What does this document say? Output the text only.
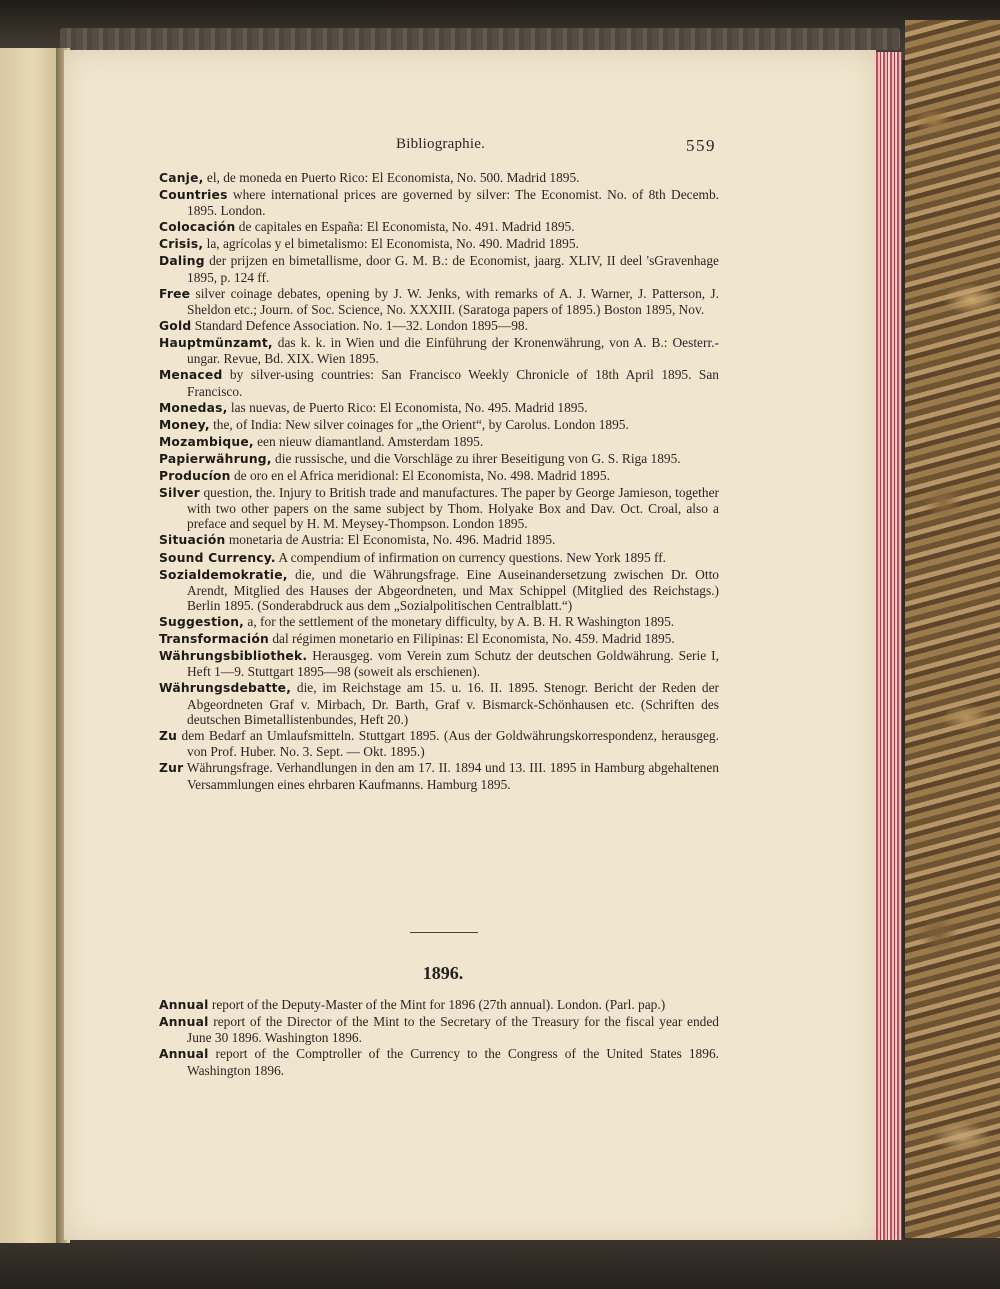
Bibliographie.	559

Canje, el, de moneda en Puerto Rico: El Economista, No. 500. Madrid 1895.

Countries where international prices are governed by silver: The Economist. No. of 8th Decemb. 1895. London.

Colocación de capitales en España: El Economista, No. 491. Madrid 1895.

Crisis, la, agrícolas y el bimetalismo: El Economista, No. 490. Madrid 1895.

Daling der prijzen en bimetallisme, door G. M. B.: de Economist, jaarg. XLIV, II deel 'sGravenhage 1895, p. 124 ff.

Free silver coinage debates, opening by J. W. Jenks, with remarks of A. J. Warner, J. Patterson, J. Sheldon etc.; Journ. of Soc. Science, No. XXXIII. (Saratoga papers of 1895.) Boston 1895, Nov.

Gold Standard Defence Association. No. 1—32. London 1895—98.

Hauptmünzamt, das k. k. in Wien und die Einführung der Kronenwährung, von A. B.: Oesterr.-ungar. Revue, Bd. XIX. Wien 1895.

Menaced by silver-using countries: San Francisco Weekly Chronicle of 18th April 1895. San Francisco.

Monedas, las nuevas, de Puerto Rico: El Economista, No. 495. Madrid 1895.

Money, the, of India: New silver coinages for „the Orient“, by Carolus. London 1895.

Mozambique, een nieuw diamantland. Amsterdam 1895.

Papierwährung, die russische, und die Vorschläge zu ihrer Beseitigung von G. S. Riga 1895.

Producíon de oro en el Africa meridional: El Economista, No. 498. Madrid 1895.

Silver question, the. Injury to British trade and manufactures. The paper by George Jamieson, together with two other papers on the same subject by Thom. Holyake Box and Dav. Oct. Croal, also a preface and sequel by H. M. Meysey-Thompson. London 1895.

Situación monetaria de Austria: El Economista, No. 496. Madrid 1895.

Sound Currency. A compendium of infirmation on currency questions. New York 1895 ff.

Sozialdemokratie, die, und die Währungsfrage. Eine Auseinandersetzung zwischen Dr. Otto Arendt, Mitglied des Hauses der Abgeordneten, und Max Schippel (Mitglied des Reichstags.) Berlin 1895. (Sonderabdruck aus dem „Sozialpolitischen Centralblatt.“)

Suggestion, a, for the settlement of the monetary difficulty, by A. B. H. R Washington 1895.

Transformación dal régimen monetario en Filipinas: El Economista, No. 459. Madrid 1895.

Währungsbibliothek. Herausgeg. vom Verein zum Schutz der deutschen Goldwährung. Serie I, Heft 1—9. Stuttgart 1895—98 (soweit als erschienen).

Währungsdebatte, die, im Reichstage am 15. u. 16. II. 1895. Stenogr. Bericht der Reden der Abgeordneten Graf v. Mirbach, Dr. Barth, Graf v. Bismarck-Schönhausen etc. (Schriften des deutschen Bimetallistenbundes, Heft 20.)

Zu dem Bedarf an Umlaufsmitteln. Stuttgart 1895. (Aus der Goldwährungskorrespondenz, herausgeg. von Prof. Huber. No. 3. Sept. — Okt. 1895.)

Zur Währungsfrage. Verhandlungen in den am 17. II. 1894 und 13. III. 1895 in Hamburg abgehaltenen Versammlungen eines ehrbaren Kaufmanns. Hamburg 1895.

1896.

Annual report of the Deputy-Master of the Mint for 1896 (27th annual). London. (Parl. pap.)

Annual report of the Director of the Mint to the Secretary of the Treasury for the fiscal year ended June 30 1896. Washington 1896.

Annual report of the Comptroller of the Currency to the Congress of the United States 1896. Washington 1896.
